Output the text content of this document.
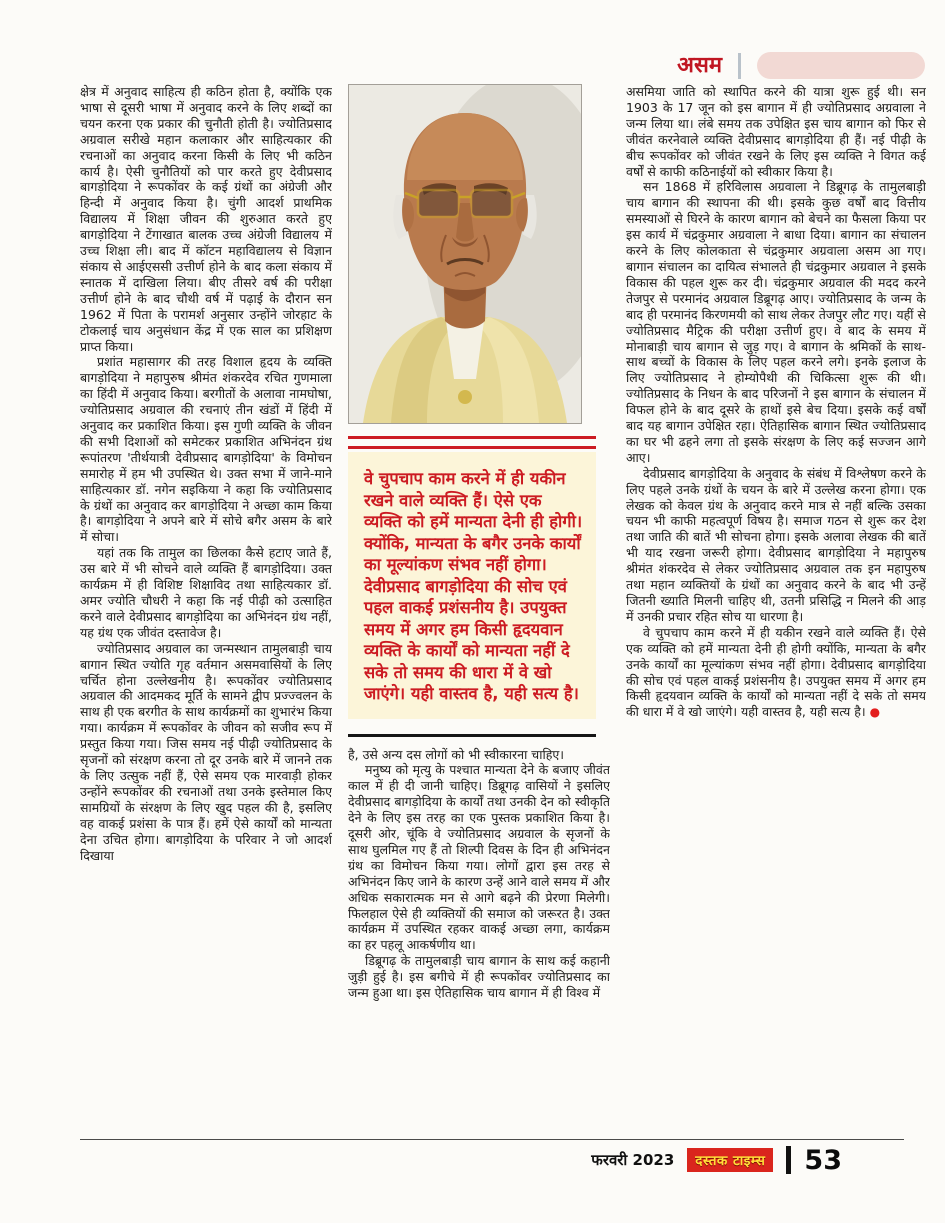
असम

क्षेत्र में अनुवाद साहित्य ही कठिन होता है, क्योंकि एक भाषा से दूसरी भाषा में अनुवाद करने के लिए शब्दों का चयन करना एक प्रकार की चुनौती होती है। ज्योतिप्रसाद अग्रवाल सरीखे महान कलाकार और साहित्यकार की रचनाओं का अनुवाद करना किसी के लिए भी कठिन कार्य है। ऐसी चुनौतियों को पार करते हुए देवीप्रसाद बागड़ोदिया ने रूपकोंवर के कई ग्रंथों का अंग्रेजी और हिन्दी में अनुवाद किया है। चुंगी आदर्श प्राथमिक विद्यालय में शिक्षा जीवन की शुरुआत करते हुए बागड़ोदिया ने टेंगाखात बालक उच्च अंग्रेजी विद्यालय में उच्च शिक्षा ली। बाद में कॉटन महाविद्यालय से विज्ञान संकाय से आईएससी उत्तीर्ण होने के बाद कला संकाय में स्नातक में दाखिला लिया। बीए तीसरे वर्ष की परीक्षा उत्तीर्ण होने के बाद चौथी वर्ष में पढ़ाई के दौरान सन 1962 में पिता के परामर्श अनुसार उन्होंने जोरहाट के टोकलाई चाय अनुसंधान केंद्र में एक साल का प्रशिक्षण प्राप्त किया।

प्रशांत महासागर की तरह विशाल हृदय के व्यक्ति बागड़ोदिया ने महापुरुष श्रीमंत शंकरदेव रचित गुणमाला का हिंदी में अनुवाद किया। बरगीतों के अलावा नामघोषा, ज्योतिप्रसाद अग्रवाल की रचनाएं तीन खंडों में हिंदी में अनुवाद कर प्रकाशित किया। इस गुणी व्यक्ति के जीवन की सभी दिशाओं को समेटकर प्रकाशित अभिनंदन ग्रंथ रूपांतरण 'तीर्थयात्री देवीप्रसाद बागड़ोदिया' के विमोचन समारोह में हम भी उपस्थित थे। उक्त सभा में जाने-माने साहित्यकार डॉ. नगेन सइकिया ने कहा कि ज्योतिप्रसाद के ग्रंथों का अनुवाद कर बागड़ोदिया ने अच्छा काम किया है। बागड़ोदिया ने अपने बारे में सोचे बगैर असम के बारे में सोचा।

यहां तक कि तामुल का छिलका कैसे हटाए जाते हैं, उस बारे में भी सोचने वाले व्यक्ति हैं बागड़ोदिया। उक्त कार्यक्रम में ही विशिष्ट शिक्षाविद तथा साहित्यकार डॉ. अमर ज्योति चौधरी ने कहा कि नई पीढ़ी को उत्साहित करने वाले देवीप्रसाद बागड़ोदिया का अभिनंदन ग्रंथ नहीं, यह ग्रंथ एक जीवंत दस्तावेज है।

ज्योतिप्रसाद अग्रवाल का जन्मस्थान तामुलबाड़ी चाय बागान स्थित ज्योति गृह वर्तमान असमवासियों के लिए चर्चित होना उल्लेखनीय है। रूपकोंवर ज्योतिप्रसाद अग्रवाल की आदमकद मूर्ति के सामने द्वीप प्रज्ज्वलन के साथ ही एक बरगीत के साथ कार्यक्रमों का शुभारंभ किया गया। कार्यक्रम में रूपकोंवर के जीवन को सजीव रूप में प्रस्तुत किया गया। जिस समय नई पीढ़ी ज्योतिप्रसाद के सृजनों को संरक्षण करना तो दूर उनके बारे में जानने तक के लिए उत्सुक नहीं हैं, ऐसे समय एक मारवाड़ी होकर उन्होंने रूपकोंवर की रचनाओं तथा उनके इस्तेमाल किए सामग्रियों के संरक्षण के लिए खुद पहल की है, इसलिए वह वाकई प्रशंसा के पात्र हैं। हमें ऐसे कार्यों को मान्यता देना उचित होगा। बागड़ोदिया के परिवार ने जो आदर्श दिखाया

वे चुपचाप काम करने में ही यकीन रखने वाले व्यक्ति हैं। ऐसे एक व्यक्ति को हमें मान्यता देनी ही होगी। क्योंकि, मान्यता के बगैर उनके कार्यों का मूल्यांकण संभव नहीं होगा। देवीप्रसाद बागड़ोदिया की सोच एवं पहल वाकई प्रशंसनीय है। उपयुक्त समय में अगर हम किसी हृदयवान व्यक्ति के कार्यों को मान्यता नहीं दे सके तो समय की धारा में वे खो जाएंगे। यही वास्तव है, यही सत्य है।

है, उसे अन्य दस लोगों को भी स्वीकारना चाहिए।

मनुष्य को मृत्यु के पश्चात मान्यता देने के बजाए जीवंत काल में ही दी जानी चाहिए। डिब्रूगढ़ वासियों ने इसलिए देवीप्रसाद बागड़ोदिया के कार्यों तथा उनकी देन को स्वीकृति देने के लिए इस तरह का एक पुस्तक प्रकाशित किया है। दूसरी ओर, चूंकि वे ज्योतिप्रसाद अग्रवाल के सृजनों के साथ घुलमिल गए हैं तो शिल्पी दिवस के दिन ही अभिनंदन ग्रंथ का विमोचन किया गया। लोगों द्वारा इस तरह से अभिनंदन किए जाने के कारण उन्हें आने वाले समय में और अधिक सकारात्मक मन से आगे बढ़ने की प्रेरणा मिलेगी। फिलहाल ऐसे ही व्यक्तियों की समाज को जरूरत है। उक्त कार्यक्रम में उपस्थित रहकर वाकई अच्छा लगा, कार्यक्रम का हर पहलू आकर्षणीय था।

डिब्रूगढ़ के तामुलबाड़ी चाय बागान के साथ कई कहानी जुड़ी हुई है। इस बगीचे में ही रूपकोंवर ज्योतिप्रसाद का जन्म हुआ था। इस ऐतिहासिक चाय बागान में ही विश्व में

असमिया जाति को स्थापित करने की यात्रा शुरू हुई थी। सन 1903 के 17 जून को इस बागान में ही ज्योतिप्रसाद अग्रवाला ने जन्म लिया था। लंबे समय तक उपेक्षित इस चाय बागान को फिर से जीवंत करनेवाले व्यक्ति देवीप्रसाद बागड़ोदिया ही हैं। नई पीढ़ी के बीच रूपकोंवर को जीवंत रखने के लिए इस व्यक्ति ने विगत कई वर्षों से काफी कठिनाईयों को स्वीकार किया है।

सन 1868 में हरिविलास अग्रवाला ने डिब्रूगढ़ के तामुलबाड़ी चाय बागान की स्थापना की थी। इसके कुछ वर्षों बाद वित्तीय समस्याओं से घिरने के कारण बागान को बेचने का फैसला किया पर इस कार्य में चंद्रकुमार अग्रवाला ने बाधा दिया। बागान का संचालन करने के लिए कोलकाता से चंद्रकुमार अग्रवाला असम आ गए। बागान संचालन का दायित्व संभालते ही चंद्रकुमार अग्रवाल ने इसके विकास की पहल शुरू कर दी। चंद्रकुमार अग्रवाल की मदद करने तेजपुर से परमानंद अग्रवाल डिब्रूगढ़ आए। ज्योतिप्रसाद के जन्म के बाद ही परमानंद किरणमयी को साथ लेकर तेजपुर लौट गए। यहीं से ज्योतिप्रसाद मैट्रिक की परीक्षा उत्तीर्ण हुए। वे बाद के समय में मोनाबाड़ी चाय बागान से जुड़ गए। वे बागान के श्रमिकों के साथ-साथ बच्चों के विकास के लिए पहल करने लगे। इनके इलाज के लिए ज्योतिप्रसाद ने होम्योपैथी की चिकित्सा शुरू की थी। ज्योतिप्रसाद के निधन के बाद परिजनों ने इस बागान के संचालन में विफल होने के बाद दूसरे के हाथों इसे बेच दिया। इसके कई वर्षों बाद यह बागान उपेक्षित रहा। ऐतिहासिक बागान स्थित ज्योतिप्रसाद का घर भी ढहने लगा तो इसके संरक्षण के लिए कई सज्जन आगे आए।

देवीप्रसाद बागड़ोदिया के अनुवाद के संबंध में विश्लेषण करने के लिए पहले उनके ग्रंथों के चयन के बारे में उल्लेख करना होगा। एक लेखक को केवल ग्रंथ के अनुवाद करने मात्र से नहीं बल्कि उसका चयन भी काफी महत्वपूर्ण विषय है। समाज गठन से शुरू कर देश तथा जाति की बातें भी सोचना होगा। इसके अलावा लेखक की बातें भी याद रखना जरूरी होगा। देवीप्रसाद बागड़ोदिया ने महापुरुष श्रीमंत शंकरदेव से लेकर ज्योतिप्रसाद अग्रवाल तक इन महापुरुष तथा महान व्यक्तियों के ग्रंथों का अनुवाद करने के बाद भी उन्हें जितनी ख्याति मिलनी चाहिए थी, उतनी प्रसिद्धि न मिलने की आड़ में उनकी प्रचार रहित सोच या धारणा है।

वे चुपचाप काम करने में ही यकीन रखने वाले व्यक्ति हैं। ऐसे एक व्यक्ति को हमें मान्यता देनी ही होगी क्योंकि, मान्यता के बगैर उनके कार्यों का मूल्यांकण संभव नहीं होगा। देवीप्रसाद बागड़ोदिया की सोच एवं पहल वाकई प्रशंसनीय है। उपयुक्त समय में अगर हम किसी हृदयवान व्यक्ति के कार्यों को मान्यता नहीं दे सके तो समय की धारा में वे खो जाएंगे। यही वास्तव है, यही सत्य है। ●

फरवरी 2023	दस्तक टाइम्स 53
